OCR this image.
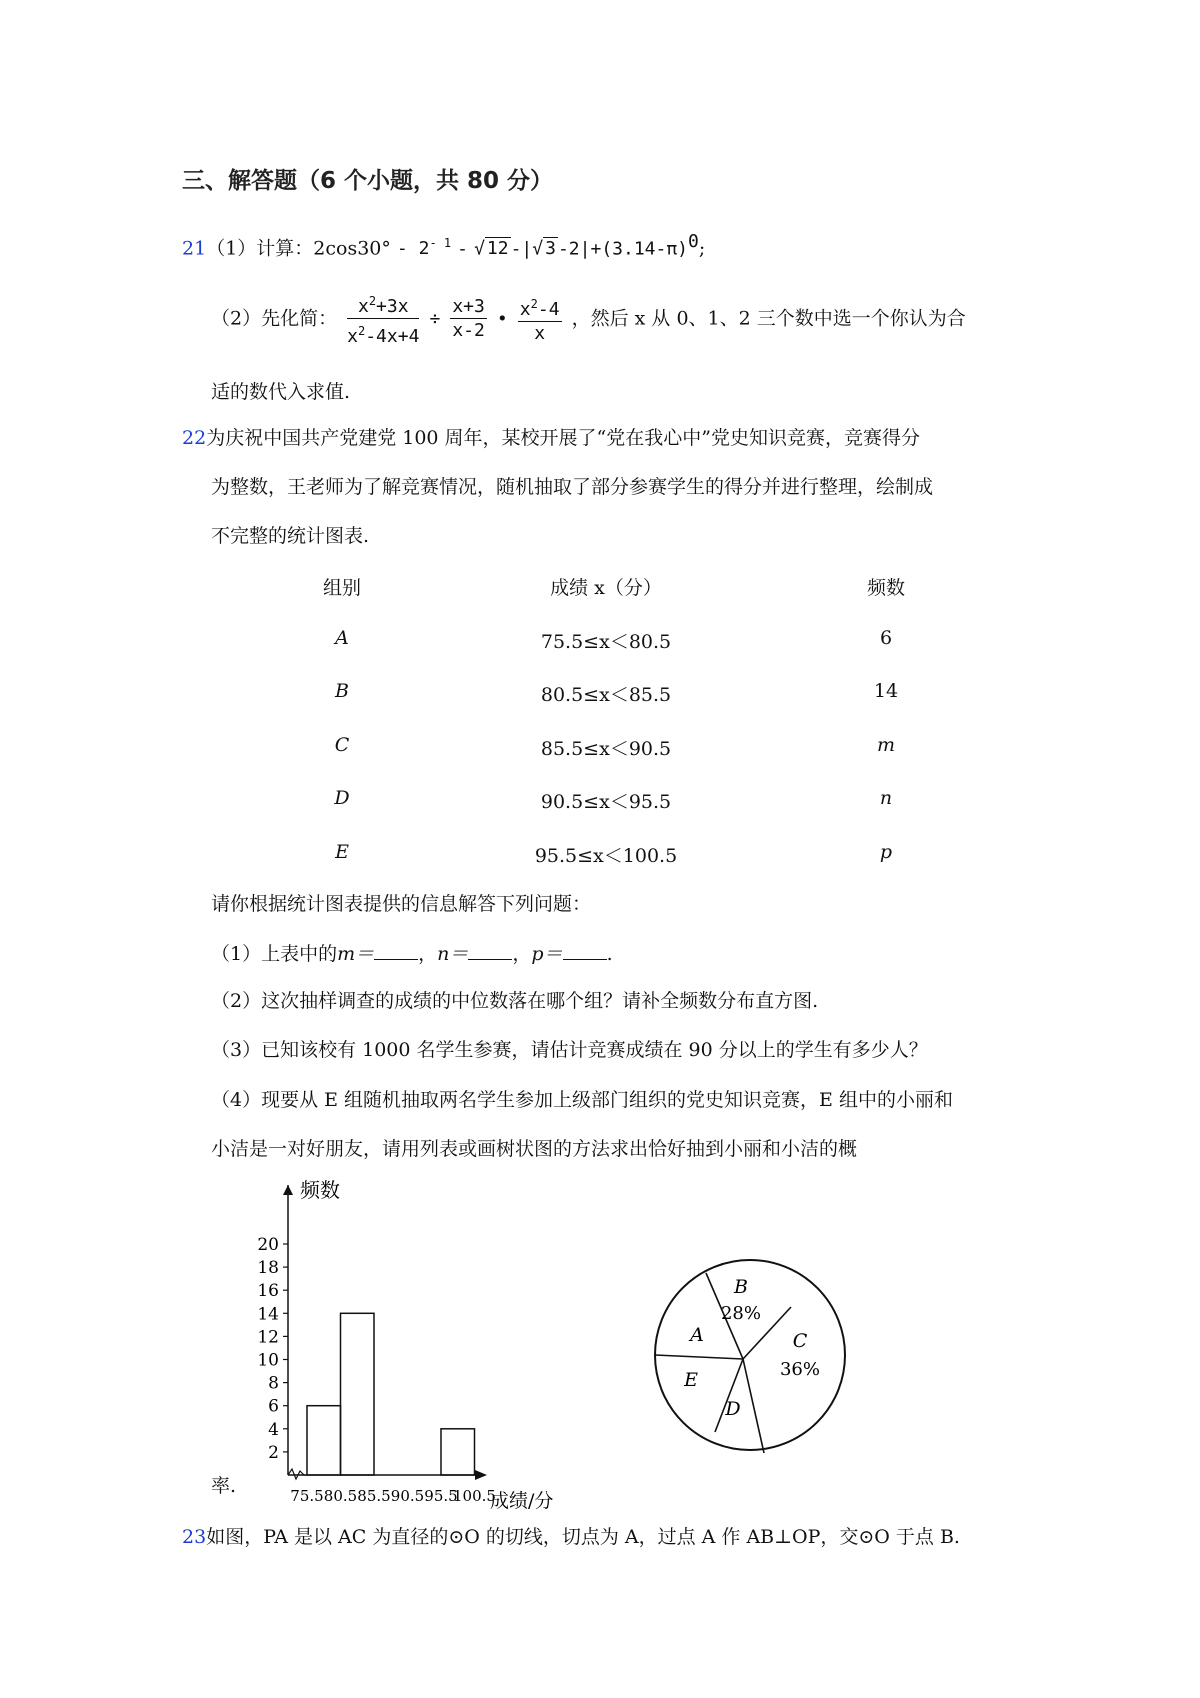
三、解答题（6 个小题，共 80 分）
21（1）计算：$2\cos 30^\circ - 2^{- 1}$ - √ 12 -|√ 3 $-2|+(3.14-\pi)^0$;
（2）先化简： $\frac{x^2+3x}{x^2-4x+4} \div \frac{x+3}{x-2}$ • $\frac{x^2-4}{x}$ ，然后 x 从 0、1、2 三个数中选一个你认为合
适的数代入求值.
22为庆祝中国共产党建党 100 周年，某校开展了“党在我心中”党史知识竞赛，竞赛得分
为整数，王老师为了解竞赛情况，随机抽取了部分参赛学生的得分并进行整理，绘制成
不完整的统计图表.
组别	成绩 x（分）	频数
A	75.5≤x＜80.5	6
B	80.5≤x＜85.5	14
C	85.5≤x＜90.5	m
D	90.5≤x＜95.5	n
E	95.5≤x＜100.5	p
请你根据统计图表提供的信息解答下列问题：
（1）上表中的m＝ ，n＝ ，p＝ .
（2）这次抽样调查的成绩的中位数落在哪个组？请补全频数分布直方图.
（3）已知该校有 1000 名学生参赛，请估计竞赛成绩在 90 分以上的学生有多少人？
（4）现要从 E 组随机抽取两名学生参加上级部门组织的党史知识竞赛，E 组中的小丽和
小洁是一对好朋友，请用列表或画树状图的方法求出恰好抽到小丽和小洁的概
频数
成绩/分
2
4
6
8
10
12
14
16
18
20
75.5 80.5 85.5 90.5 95.5
100.5
B
28%
A	C
36%
E
D
率.
23如图，PA 是以 AC 为直径的⊙O 的切线，切点为 A，过点 A 作 AB⊥OP，交⊙O 于点 B.
